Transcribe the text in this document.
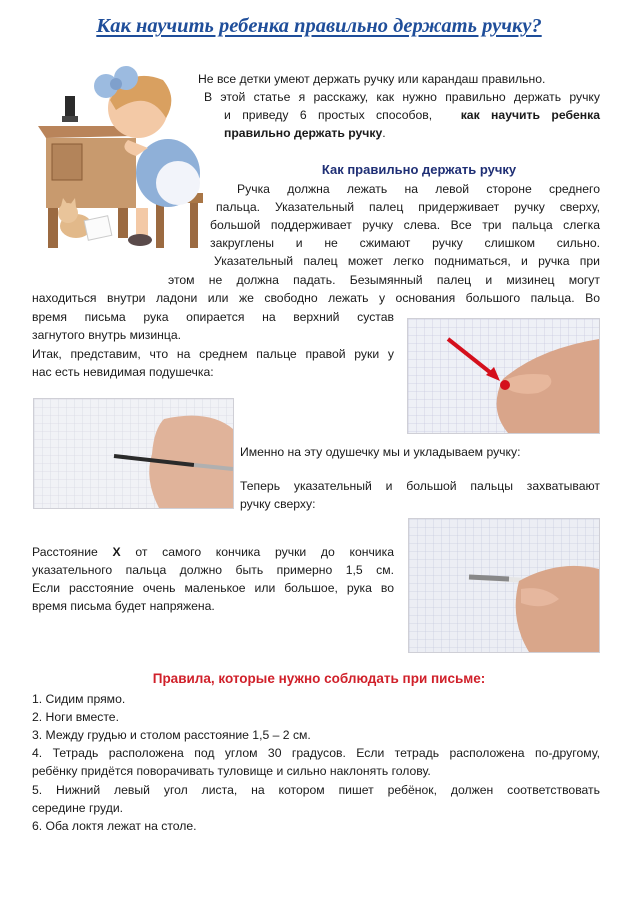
Как научить ребенка правильно держать ручку?
Не все детки умеют держать ручку или карандаш правильно.
В этой статье я расскажу, как нужно правильно держать ручку
и приведу 6 простых способов, как научить ребенка
правильно держать ручку.
Как правильно держать ручку
Ручка должна лежать на левой стороне среднего
пальца. Указательный палец придерживает ручку сверху,
большой поддерживает ручку слева. Все три пальца слегка
закруглены и не сжимают ручку слишком сильно.
Указательный палец может легко подниматься, и ручка при
этом не должна падать. Безымянный палец и мизинец могут
находиться внутри ладони или же свободно лежать у основания большого пальца. Во
время письма рука опирается на верхний сустав
загнутого внутрь мизинца.
Итак, представим, что на среднем пальце правой руки у
нас есть невидимая подушечка:
Именно на эту одушечку мы и укладываем ручку:
Теперь указательный и большой пальцы захватывают
ручку сверху:
Расстояние Х от самого кончика ручки до кончика
указательного пальца должно быть примерно 1,5 см.
Если расстояние очень маленькое или большое, рука во
время письма будет напряжена.
Правила, которые нужно соблюдать при письме:
1. Сидим прямо.
2. Ноги вместе.
3. Между грудью и столом расстояние 1,5 – 2 см.
4. Тетрадь расположена под углом 30 градусов. Если тетрадь расположена по-другому,
ребёнку придётся поворачивать туловище и сильно наклонять голову.
5. Нижний левый угол листа, на котором пишет ребёнок, должен соответствовать
середине груди.
6. Оба локтя лежат на столе.
